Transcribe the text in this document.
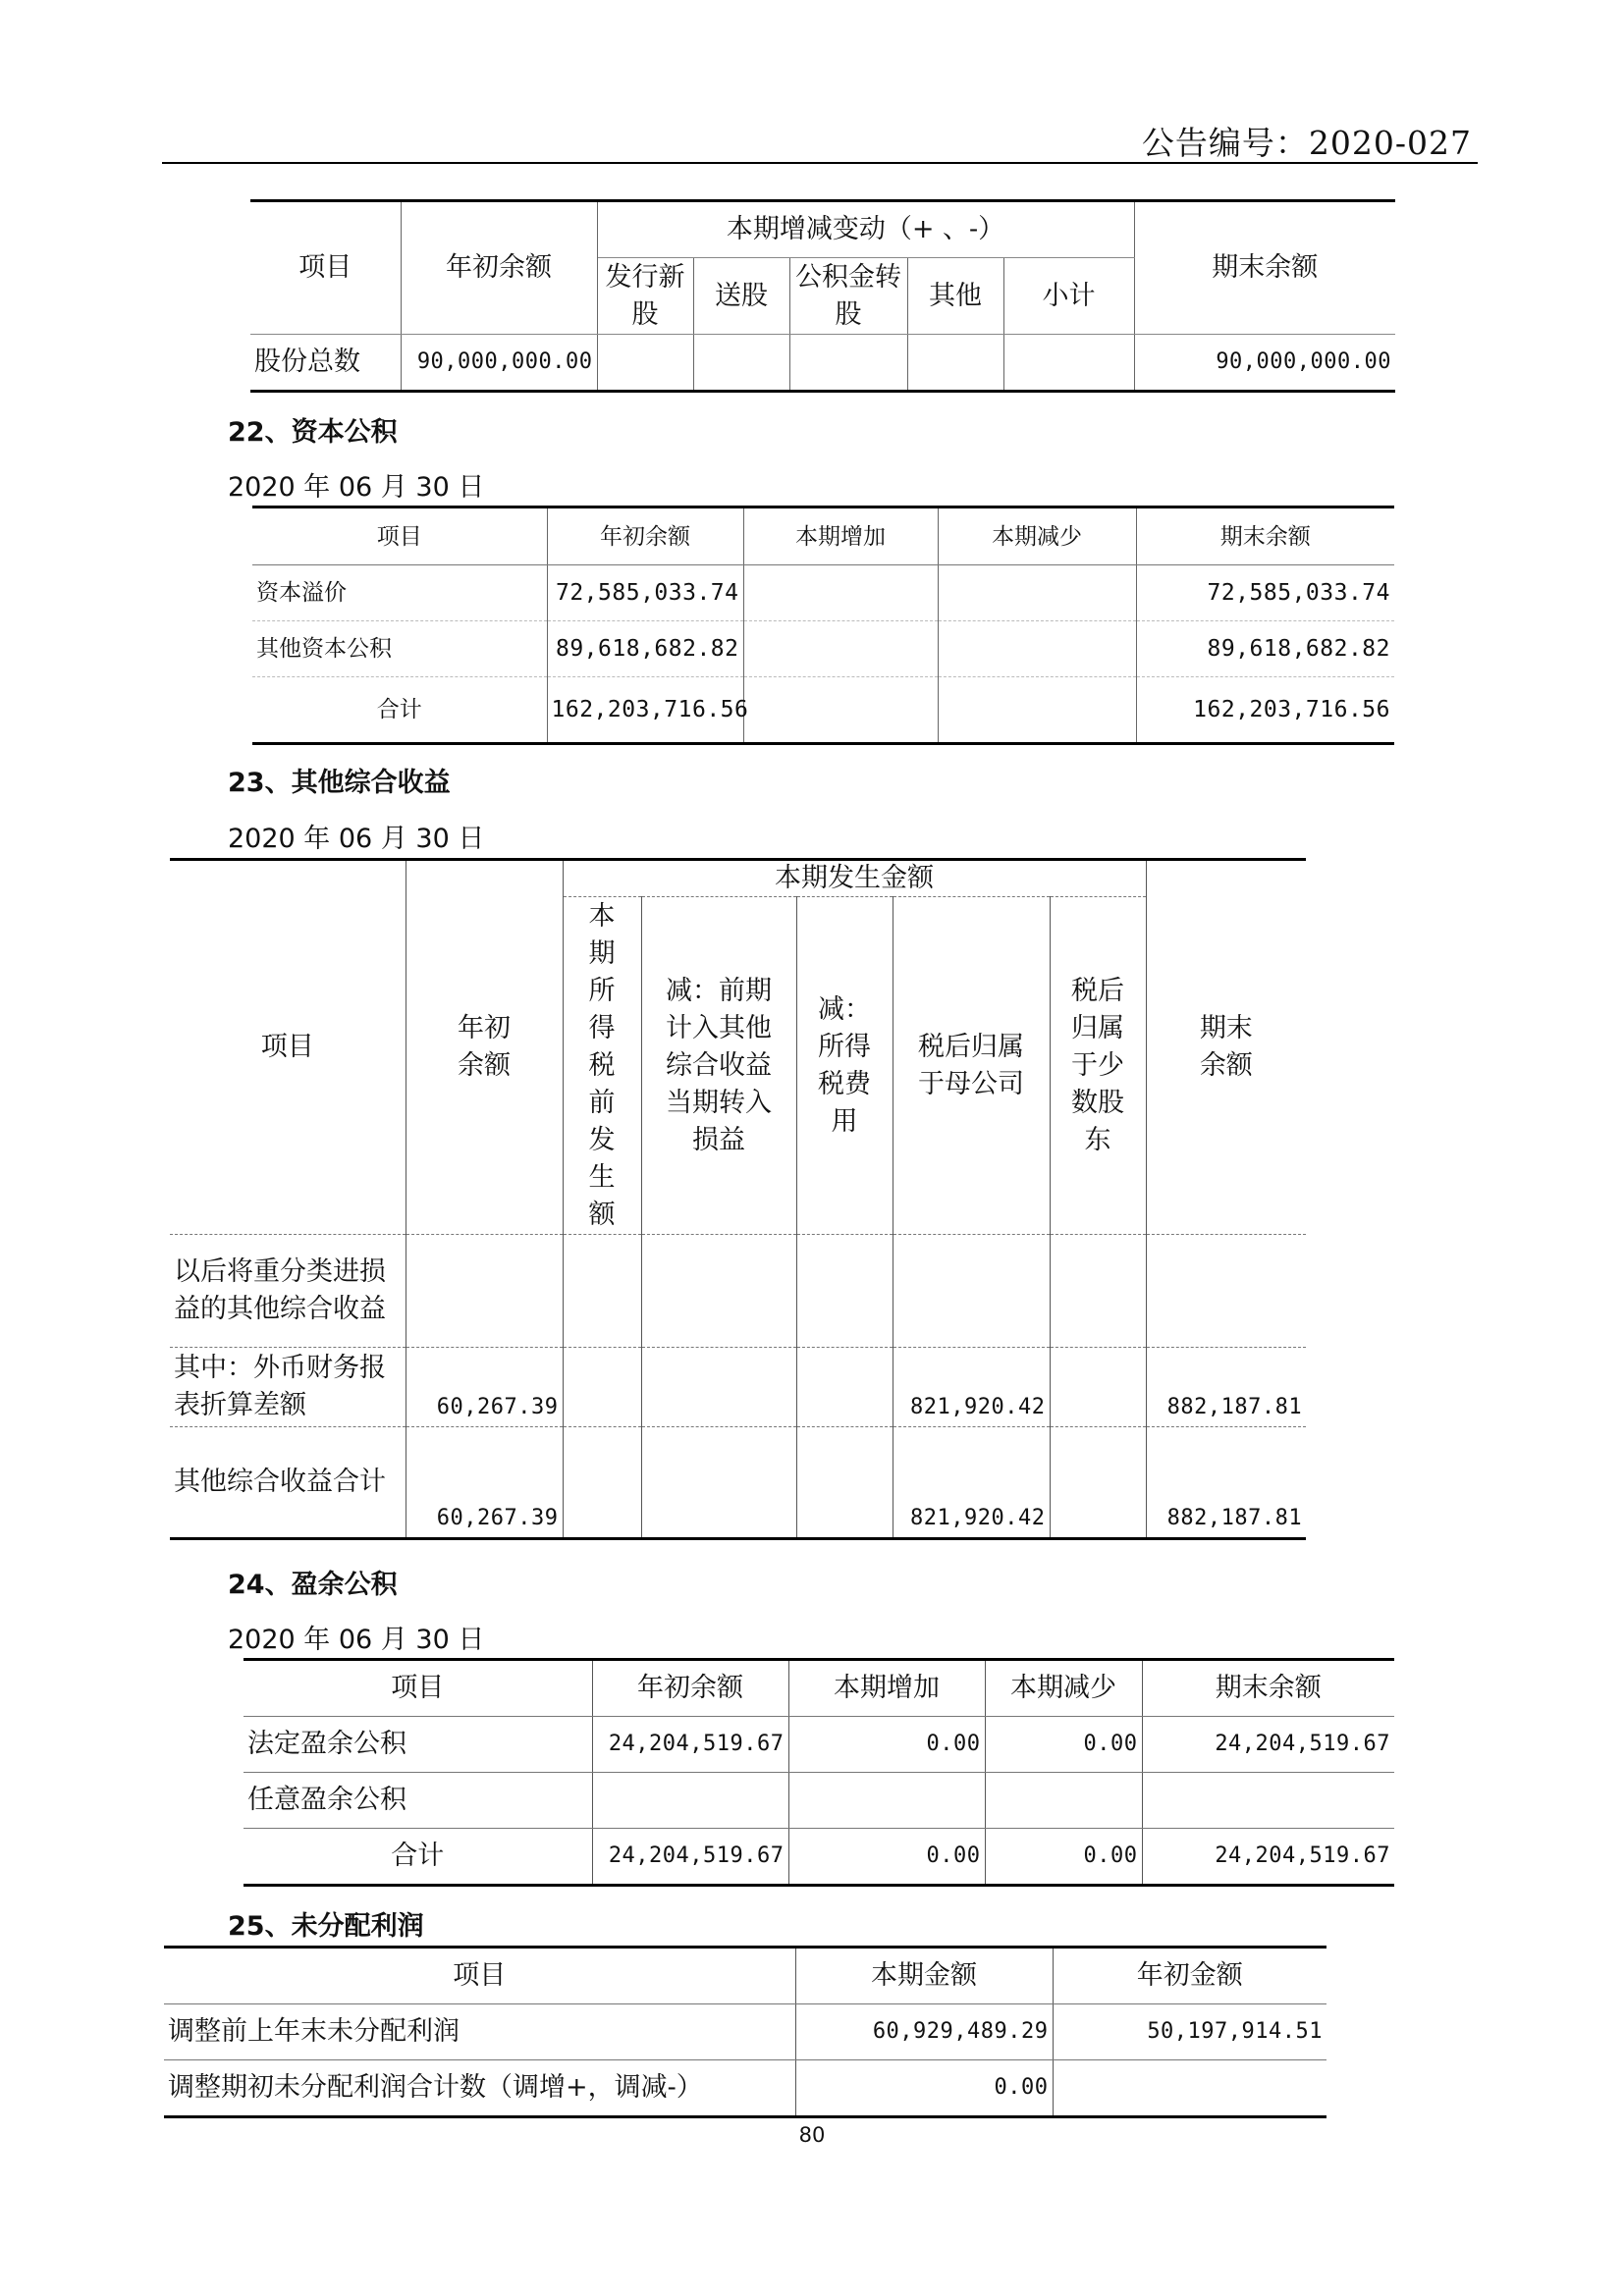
公告编号：2020-027
项目	年初余额	本期增减变动（+ 、-）					期末余额
		发行新股	送股	公积金转股	其他	小计	
股份总数	90,000,000.00						90,000,000.00
22、资本公积
2020 年 06 月 30 日
项目	年初余额	本期增加	本期减少	期末余额
资本溢价	72,585,033.74			72,585,033.74
其他资本公积	89,618,682.82			89,618,682.82
合计	162,203,716.56			162,203,716.56
23、其他综合收益
2020 年 06 月 30 日
项目	年初余额	本期发生金额					期末余额
		本期所得税前发生额	减：前期计入其他综合收益当期转入损益	减：所得税费用	税后归属于母公司	税后归属于少数股东	
以后将重分类进损益的其他综合收益							
其中：外币财务报表折算差额	60,267.39				821,920.42		882,187.81
其他综合收益合计	60,267.39				821,920.42		882,187.81
24、盈余公积
2020 年 06 月 30 日
项目	年初余额	本期增加	本期减少	期末余额
法定盈余公积	24,204,519.67	0.00	0.00	24,204,519.67
任意盈余公积				
合计	24,204,519.67	0.00	0.00	24,204,519.67
25、未分配利润
项目	本期金额	年初金额
调整前上年末未分配利润	60,929,489.29	50,197,914.51
调整期初未分配利润合计数（调增+，调减-）	0.00	
80
